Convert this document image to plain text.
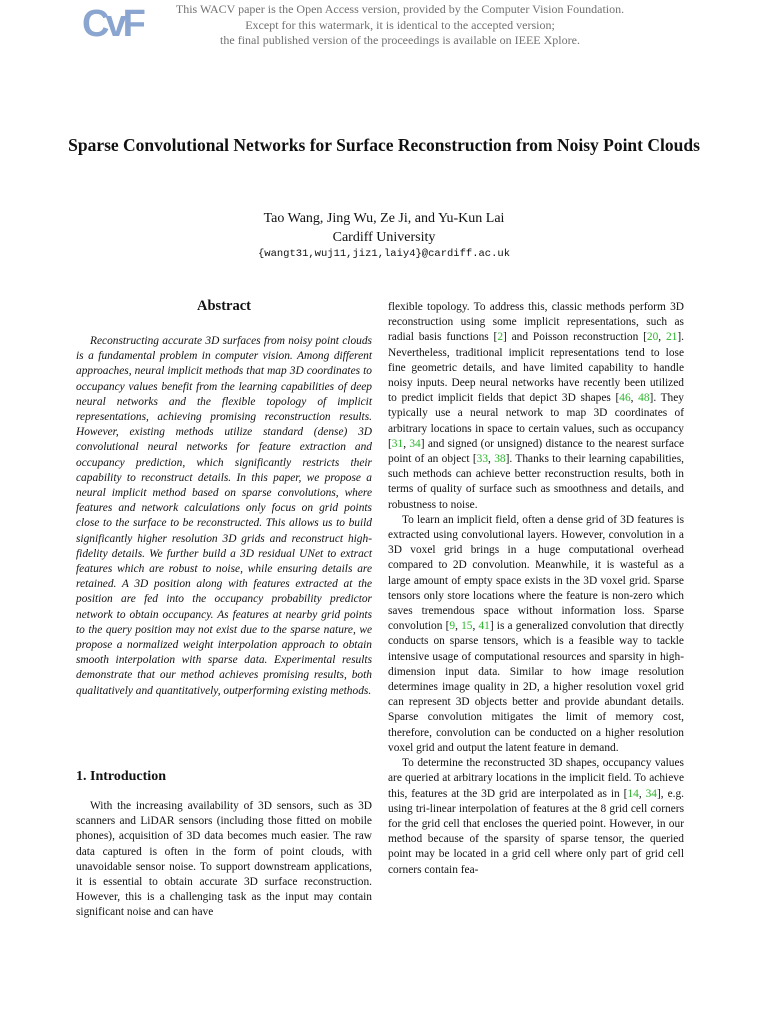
CvF	This WACV paper is the Open Access version, provided by the Computer Vision Foundation.
Except for this watermark, it is identical to the accepted version;
the final published version of the proceedings is available on IEEE Xplore.
Sparse Convolutional Networks for Surface Reconstruction from Noisy Point Clouds
Tao Wang, Jing Wu, Ze Ji, and Yu-Kun Lai
Cardiff University
{wangt31,wuj11,jiz1,laiy4}@cardiff.ac.uk
Abstract

Reconstructing accurate 3D surfaces from noisy point clouds is a fundamental problem in computer vision. Among different approaches, neural implicit methods that map 3D coordinates to occupancy values benefit from the learning capabilities of deep neural networks and the flexible topology of implicit representations, achieving promising reconstruction results. However, existing methods utilize standard (dense) 3D convolutional neural networks for feature extraction and occupancy prediction, which significantly restricts their capability to reconstruct details. In this paper, we propose a neural implicit method based on sparse convolutions, where features and network calculations only focus on grid points close to the surface to be reconstructed. This allows us to build significantly higher resolution 3D grids and reconstruct high-fidelity details. We further build a 3D residual UNet to extract features which are robust to noise, while ensuring details are retained. A 3D position along with features extracted at the position are fed into the occupancy probability predictor network to obtain occupancy. As features at nearby grid points to the query position may not exist due to the sparse nature, we propose a normalized weight interpolation approach to obtain smooth interpolation with sparse data. Experimental results demonstrate that our method achieves promising results, both qualitatively and quantitatively, outperforming existing methods.

1. Introduction

With the increasing availability of 3D sensors, such as 3D scanners and LiDAR sensors (including those fitted on mobile phones), acquisition of 3D data becomes much easier. The raw data captured is often in the form of point clouds, with unavoidable sensor noise. To support downstream applications, it is essential to obtain accurate 3D surface reconstruction. However, this is a challenging task as the input may contain significant noise and can have

flexible topology. To address this, classic methods perform 3D reconstruction using some implicit representations, such as radial basis functions [2] and Poisson reconstruction [20, 21]. Nevertheless, traditional implicit representations tend to lose fine geometric details, and have limited capability to handle noisy inputs. Deep neural networks have recently been utilized to predict implicit fields that depict 3D shapes [46, 48]. They typically use a neural network to map 3D coordinates of arbitrary locations in space to certain values, such as occupancy [31, 34] and signed (or unsigned) distance to the nearest surface point of an object [33, 38]. Thanks to their learning capabilities, such methods can achieve better reconstruction results, both in terms of quality of surface such as smoothness and details, and robustness to noise.

To learn an implicit field, often a dense grid of 3D features is extracted using convolutional layers. However, convolution in a 3D voxel grid brings in a huge computational overhead compared to 2D convolution. Meanwhile, it is wasteful as a large amount of empty space exists in the 3D voxel grid. Sparse tensors only store locations where the feature is non-zero which saves tremendous space without information loss. Sparse convolution [9, 15, 41] is a generalized convolution that directly conducts on sparse tensors, which is a feasible way to tackle intensive usage of computational resources and sparsity in high-dimension input data. Similar to how image resolution determines image quality in 2D, a higher resolution voxel grid can represent 3D objects better and provide abundant details. Sparse convolution mitigates the limit of memory cost, therefore, convolution can be conducted on a higher resolution voxel grid and output the latent feature in demand.

To determine the reconstructed 3D shapes, occupancy values are queried at arbitrary locations in the implicit field. To achieve this, features at the 3D grid are interpolated as in [14, 34], e.g. using tri-linear interpolation of features at the 8 grid cell corners for the grid cell that encloses the queried point. However, in our method because of the sparsity of sparse tensor, the queried point may be located in a grid cell where only part of grid cell corners contain fea-
